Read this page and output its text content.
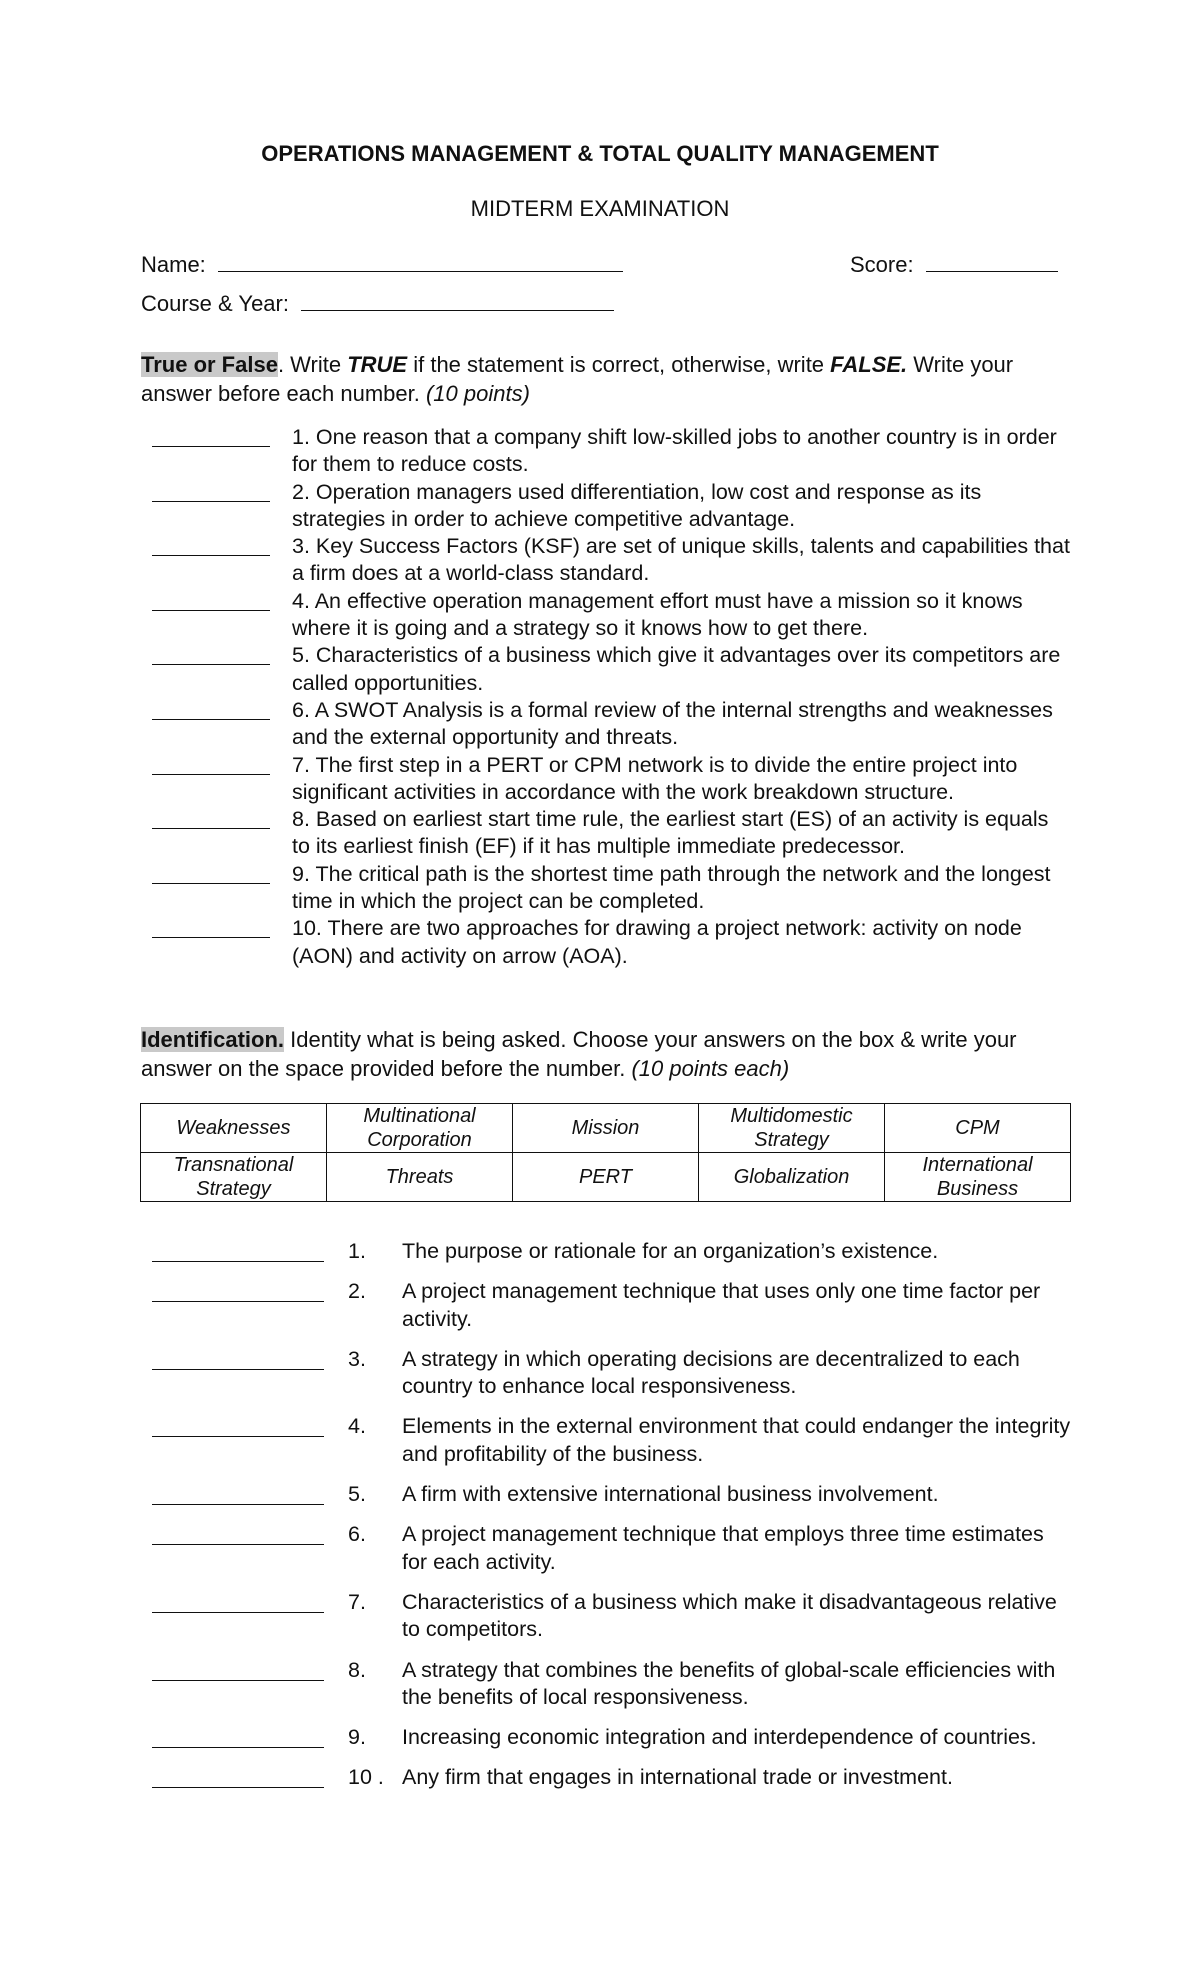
OPERATIONS MANAGEMENT & TOTAL QUALITY MANAGEMENT
MIDTERM EXAMINATION
Name:	Score:
Course & Year:
True or False. Write TRUE if the statement is correct, otherwise, write FALSE. Write your answer before each number. (10 points)
1. One reason that a company shift low-skilled jobs to another country is in order for them to reduce costs.
2. Operation managers used differentiation, low cost and response as its strategies in order to achieve competitive advantage.
3. Key Success Factors (KSF) are set of unique skills, talents and capabilities that a firm does at a world-class standard.
4. An effective operation management effort must have a mission so it knows where it is going and a strategy so it knows how to get there.
5. Characteristics of a business which give it advantages over its competitors are called opportunities.
6. A SWOT Analysis is a formal review of the internal strengths and weaknesses and the external opportunity and threats.
7. The first step in a PERT or CPM network is to divide the entire project into significant activities in accordance with the work breakdown structure.
8. Based on earliest start time rule, the earliest start (ES) of an activity is equals to its earliest finish (EF) if it has multiple immediate predecessor.
9. The critical path is the shortest time path through the network and the longest time in which the project can be completed.
10. There are two approaches for drawing a project network: activity on node (AON) and activity on arrow (AOA).
Identification. Identity what is being asked. Choose your answers on the box & write your answer on the space provided before the number. (10 points each)
Weaknesses	Multinational Corporation	Mission	Multidomestic Strategy	CPM
Transnational Strategy	Threats	PERT	Globalization	International Business
1.	The purpose or rationale for an organization’s existence.
2.	A project management technique that uses only one time factor per activity.
3.	A strategy in which operating decisions are decentralized to each country to enhance local responsiveness.
4.	Elements in the external environment that could endanger the integrity and profitability of the business.
5.	A firm with extensive international business involvement.
6.	A project management technique that employs three time estimates for each activity.
7.	Characteristics of a business which make it disadvantageous relative to competitors.
8.	A strategy that combines the benefits of global-scale efficiencies with the benefits of local responsiveness.
9.	Increasing economic integration and interdependence of countries.
10 . Any firm that engages in international trade or investment.
